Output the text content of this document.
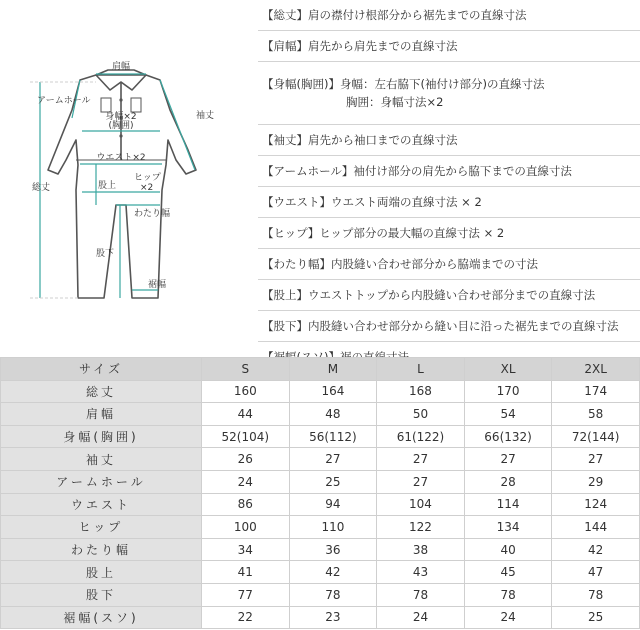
肩幅
アームホール
身幅×2
(胸囲)
袖丈
ウエスト×2
股上
ヒップ
×2
わたり幅
総丈
股下
裾幅
【総丈】肩の襟付け根部分から裾先までの直線寸法
【肩幅】肩先から肩先までの直線寸法
【身幅(胸囲)】身幅：左右脇下(袖付け部分)の直線寸法
胸囲：身幅寸法×2
【袖丈】肩先から袖口までの直線寸法
【アームホール】袖付け部分の肩先から脇下までの直線寸法
【ウエスト】ウエスト両端の直線寸法 × 2
【ヒップ】ヒップ部分の最大幅の直線寸法 × 2
【わたり幅】内股縫い合わせ部分から脇端までの寸法
【股上】ウエストトップから内股縫い合わせ部分までの直線寸法
【股下】内股縫い合わせ部分から縫い目に沿った裾先までの直線寸法
サイズ	S	M	L	XL	2XL
総丈	160	164	168	170	174
肩幅	44	48	50	54	58
身幅(胸囲)	52(104)	56(112)	61(122)	66(132)	72(144)
袖丈	26	27	27	27	27
アームホール	24	25	27	28	29
ウエスト	86	94	104	114	124
ヒップ	100	110	122	134	144
わたり幅	34	36	38	40	42
股上	41	42	43	45	47
股下	77	78	78	78	78
裾幅(スソ)	22	23	24	24	25
